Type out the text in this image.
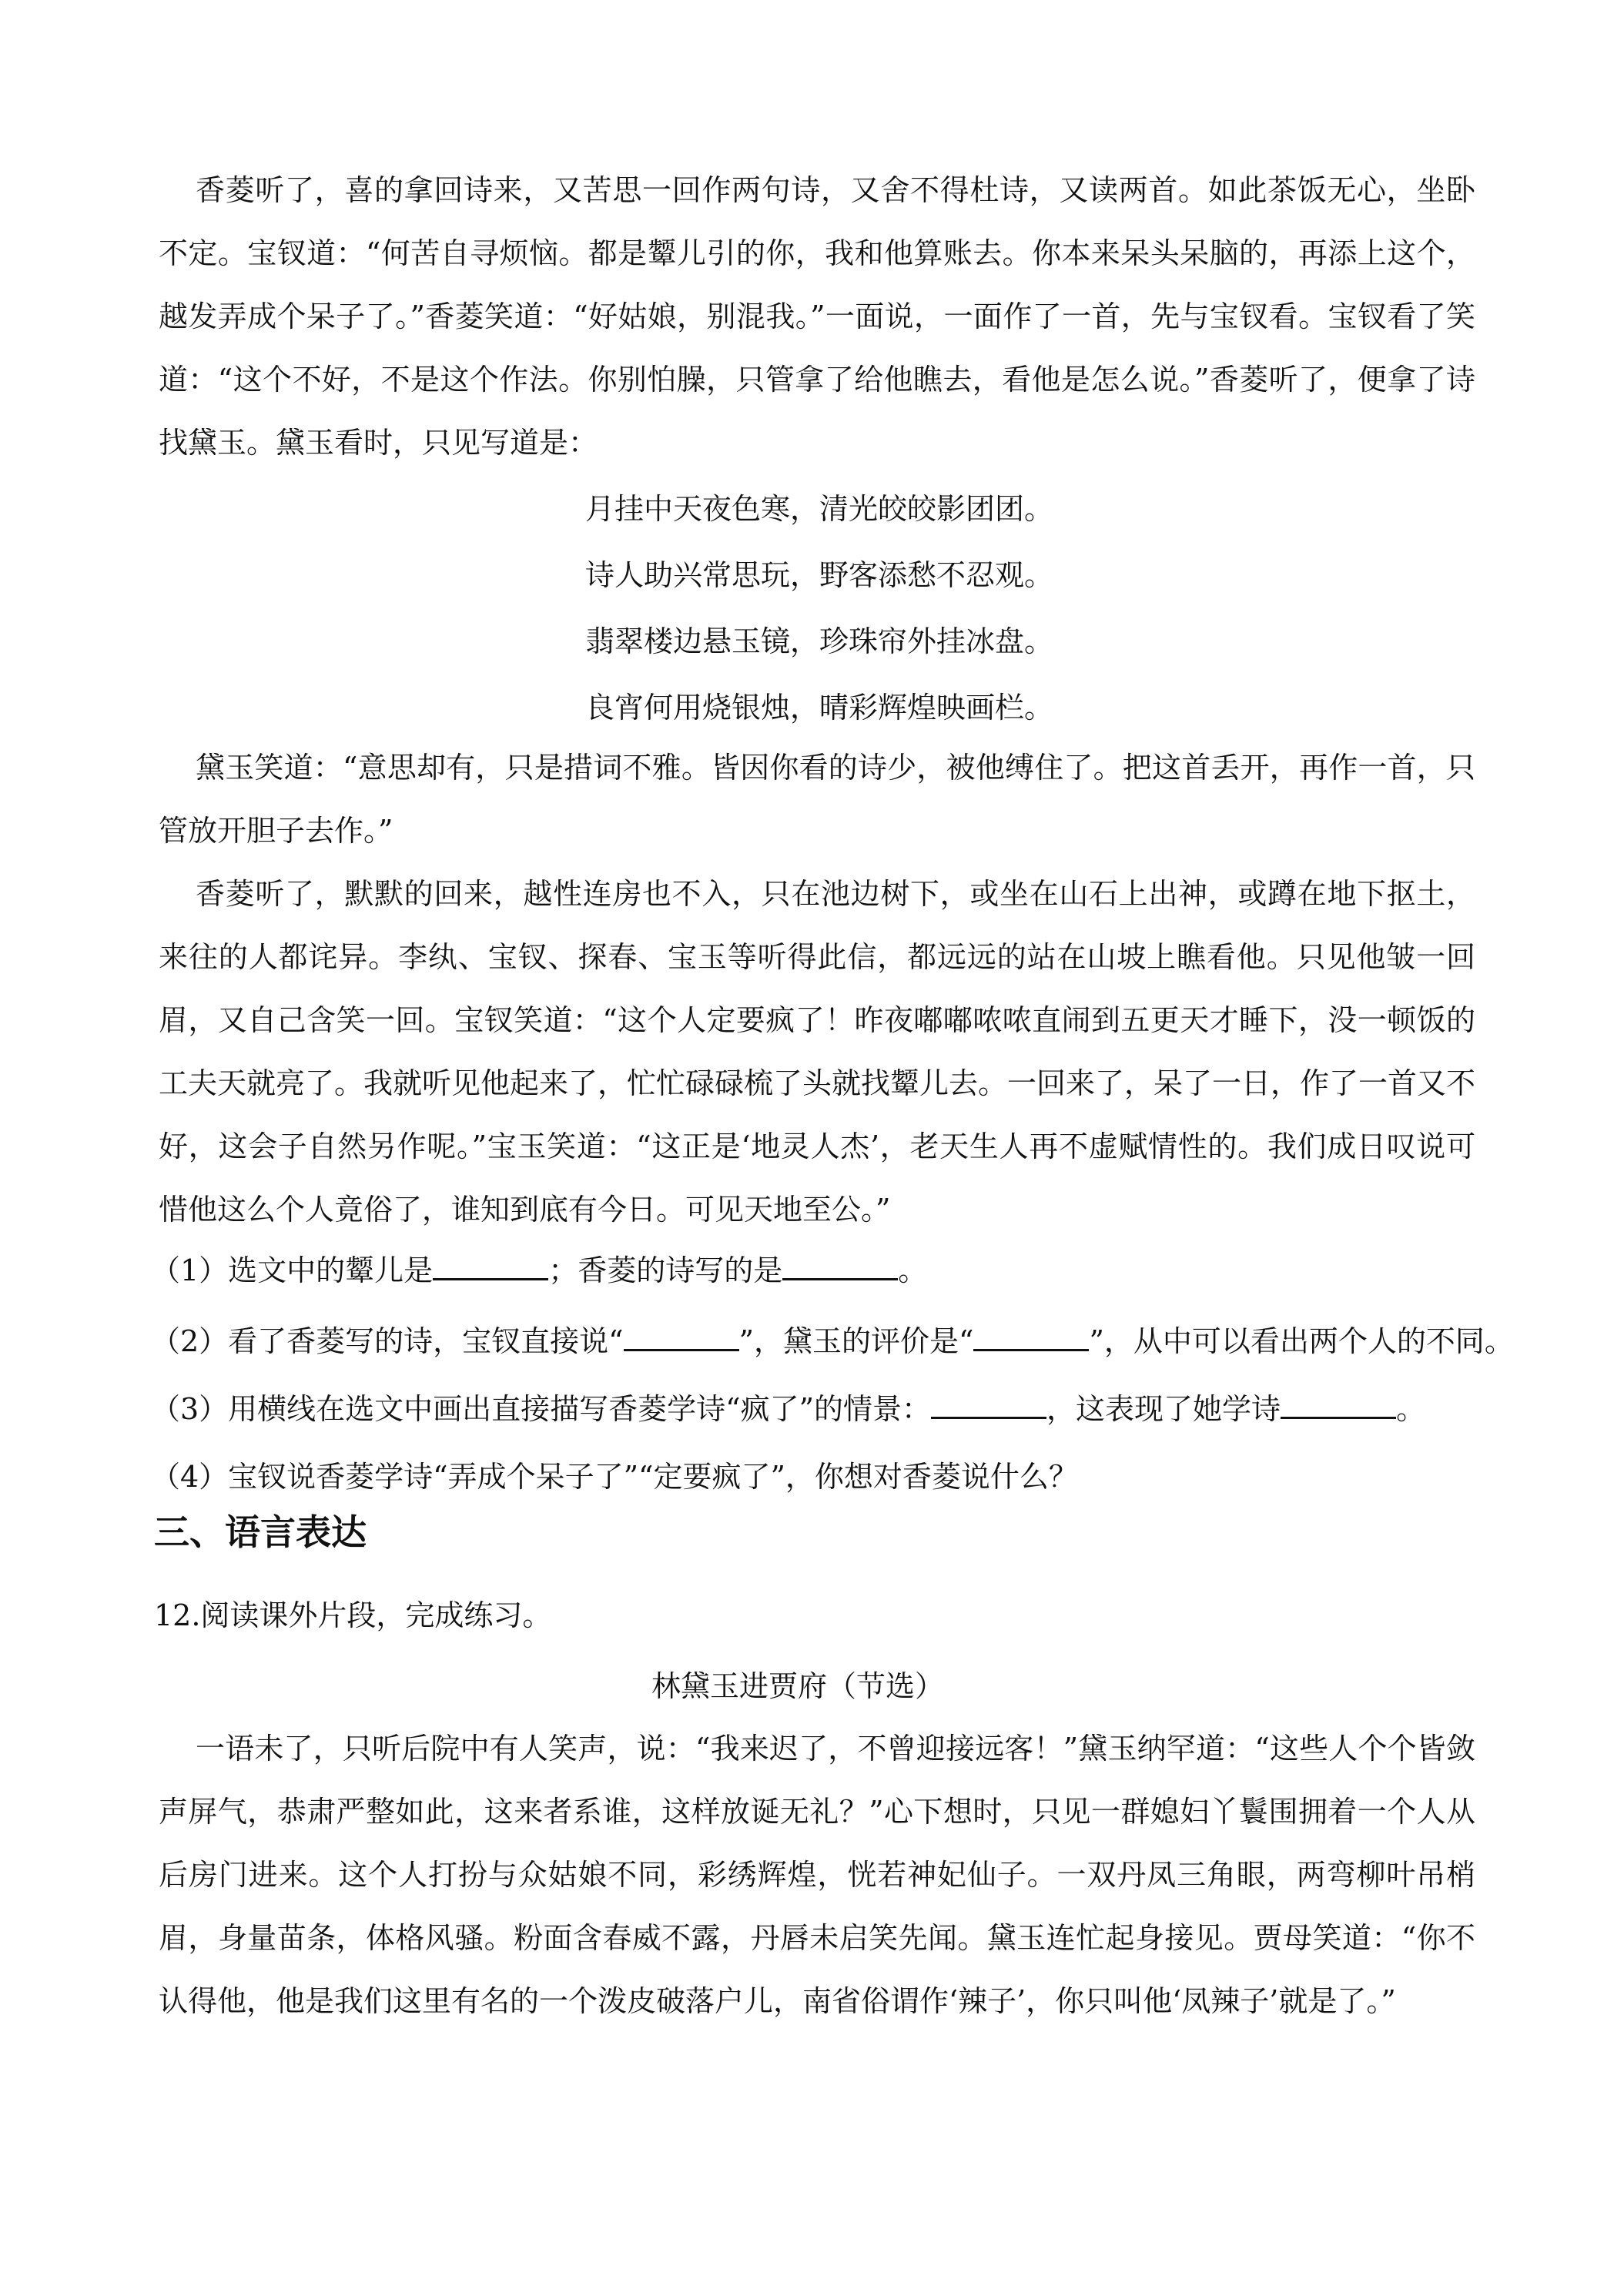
香菱听了，喜的拿回诗来，又苦思一回作两句诗，又舍不得杜诗，又读两首。如此茶饭无心，坐卧不定。宝钗道：“何苦自寻烦恼。都是颦儿引的你，我和他算账去。你本来呆头呆脑的，再添上这个，越发弄成个呆子了。”香菱笑道：“好姑娘，别混我。”一面说，一面作了一首，先与宝钗看。宝钗看了笑道：“这个不好，不是这个作法。你别怕臊，只管拿了给他瞧去，看他是怎么说。”香菱听了，便拿了诗找黛玉。黛玉看时，只见写道是：

月挂中天夜色寒，清光皎皎影团团。
诗人助兴常思玩，野客添愁不忍观。
翡翠楼边悬玉镜，珍珠帘外挂冰盘。
良宵何用烧银烛，晴彩辉煌映画栏。

黛玉笑道：“意思却有，只是措词不雅。皆因你看的诗少，被他缚住了。把这首丢开，再作一首，只管放开胆子去作。”

香菱听了，默默的回来，越性连房也不入，只在池边树下，或坐在山石上出神，或蹲在地下抠土，来往的人都诧异。李纨、宝钗、探春、宝玉等听得此信，都远远的站在山坡上瞧看他。只见他皱一回眉，又自己含笑一回。宝钗笑道：“这个人定要疯了！昨夜嘟嘟哝哝直闹到五更天才睡下，没一顿饭的工夫天就亮了。我就听见他起来了，忙忙碌碌梳了头就找颦儿去。一回来了，呆了一日，作了一首又不好，这会子自然另作呢。”宝玉笑道：“这正是‘地灵人杰’，老天生人再不虚赋情性的。我们成日叹说可惜他这么个人竟俗了，谁知到底有今日。可见天地至公。”

（1）选文中的颦儿是	；香菱的诗写的是	。
（2）看了香菱写的诗，宝钗直接说“	”，黛玉的评价是“	”，从中可以看出两个人的不同。
（3）用横线在选文中画出直接描写香菱学诗“疯了”的情景：	，这表现了她学诗	。
（4）宝钗说香菱学诗“弄成个呆子了”“定要疯了”，你想对香菱说什么？
三、语言表达
12.阅读课外片段，完成练习。
林黛玉进贾府（节选）

一语未了，只听后院中有人笑声，说：“我来迟了，不曾迎接远客！”黛玉纳罕道：“这些人个个皆敛声屏气，恭肃严整如此，这来者系谁，这样放诞无礼？”心下想时，只见一群媳妇丫鬟围拥着一个人从后房门进来。这个人打扮与众姑娘不同，彩绣辉煌，恍若神妃仙子。一双丹凤三角眼，两弯柳叶吊梢眉，身量苗条，体格风骚。粉面含春威不露，丹唇未启笑先闻。黛玉连忙起身接见。贾母笑道：“你不认得他，他是我们这里有名的一个泼皮破落户儿，南省俗谓作‘辣子’，你只叫他‘凤辣子’就是了。”
